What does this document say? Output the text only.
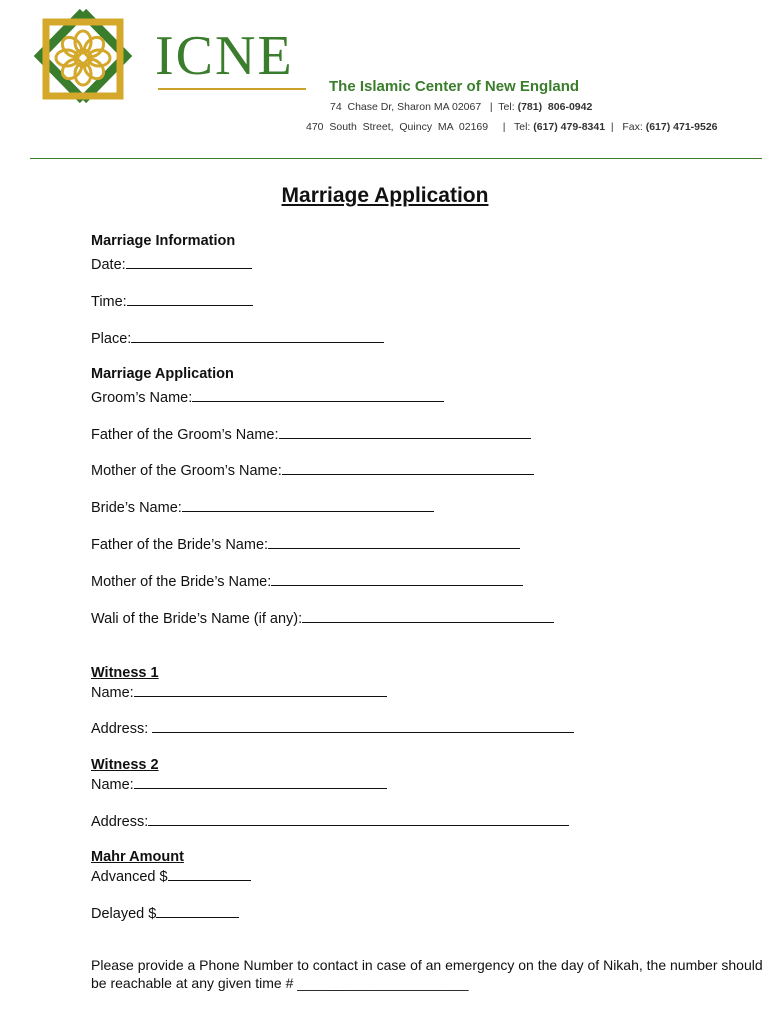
ICNE The Islamic Center of New England
74  Chase Dr, Sharon MA 02067   |  Tel: (781)  806-0942
470  South  Street,  Quincy  MA  02169     |   Tel: (617) 479-8341  |   Fax: (617) 471-9526
Marriage Application
Marriage Information
Date:
Time:
Place:
Marriage Application
Groom’s Name:
Father of the Groom’s Name:
Mother of the Groom’s Name:
Bride’s Name:
Father of the Bride’s Name:
Mother of the Bride’s Name:
Wali of the Bride’s Name (if any):
Witness 1
Name:
Address:
Witness 2
Name:
Address:
Mahr Amount
Advanced $
Delayed $
Please provide a Phone Number to contact in case of an emergency on the day of Nikah, the number should be reachable at any given time # ______________________
